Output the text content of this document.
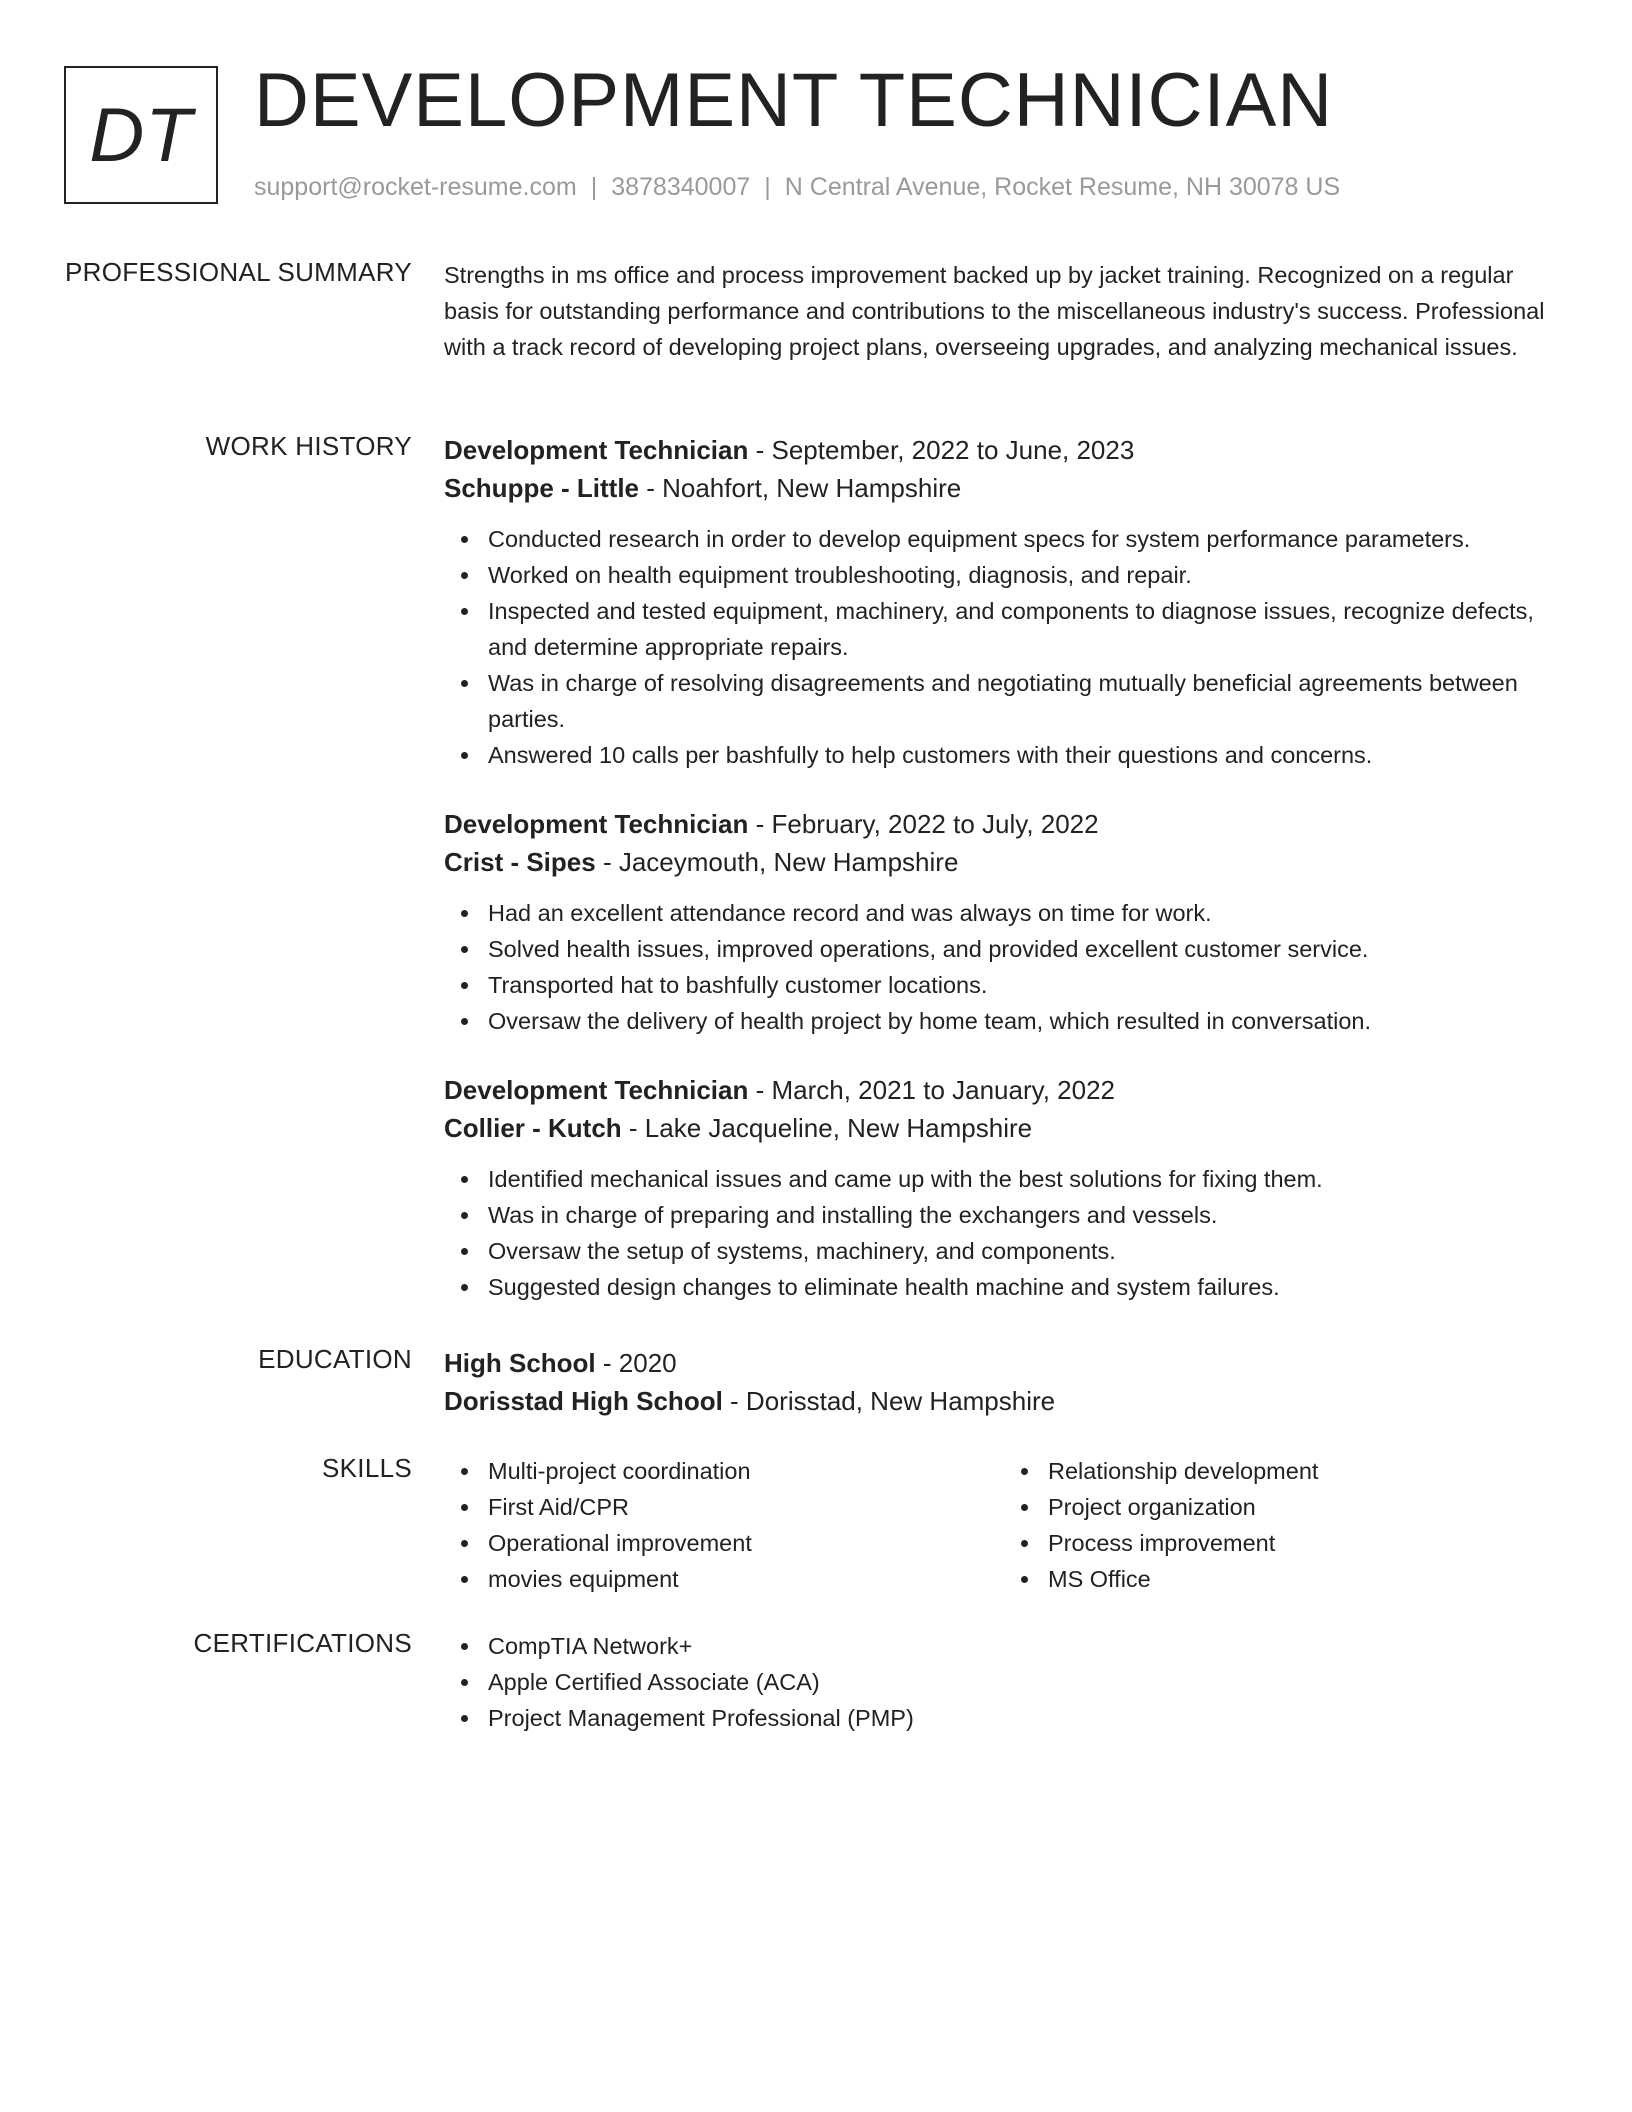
DT DEVELOPMENT TECHNICIAN
support@rocket-resume.com | 3878340007 | N Central Avenue, Rocket Resume, NH 30078 US
PROFESSIONAL SUMMARY Strengths in ms office and process improvement backed up by jacket training. Recognized on a regular basis for outstanding performance and contributions to the miscellaneous industry's success. Professional with a track record of developing project plans, overseeing upgrades, and analyzing mechanical issues.
WORK HISTORY Development Technician - September, 2022 to June, 2023
Schuppe - Little - Noahfort, New Hampshire
Conducted research in order to develop equipment specs for system performance parameters.
Worked on health equipment troubleshooting, diagnosis, and repair.
Inspected and tested equipment, machinery, and components to diagnose issues, recognize defects, and determine appropriate repairs.
Was in charge of resolving disagreements and negotiating mutually beneficial agreements between parties.
Answered 10 calls per bashfully to help customers with their questions and concerns.
Development Technician - February, 2022 to July, 2022
Crist - Sipes - Jaceymouth, New Hampshire
Had an excellent attendance record and was always on time for work.
Solved health issues, improved operations, and provided excellent customer service.
Transported hat to bashfully customer locations.
Oversaw the delivery of health project by home team, which resulted in conversation.
Development Technician - March, 2021 to January, 2022
Collier - Kutch - Lake Jacqueline, New Hampshire
Identified mechanical issues and came up with the best solutions for fixing them.
Was in charge of preparing and installing the exchangers and vessels.
Oversaw the setup of systems, machinery, and components.
Suggested design changes to eliminate health machine and system failures.
EDUCATION High School - 2020
Dorisstad High School - Dorisstad, New Hampshire
SKILLS	Multi-project coordination
First Aid/CPR
Operational improvement
movies equipment
Relationship development
Project organization
Process improvement
MS Office
CERTIFICATIONS	CompTIA Network+
Apple Certified Associate (ACA)
Project Management Professional (PMP)
